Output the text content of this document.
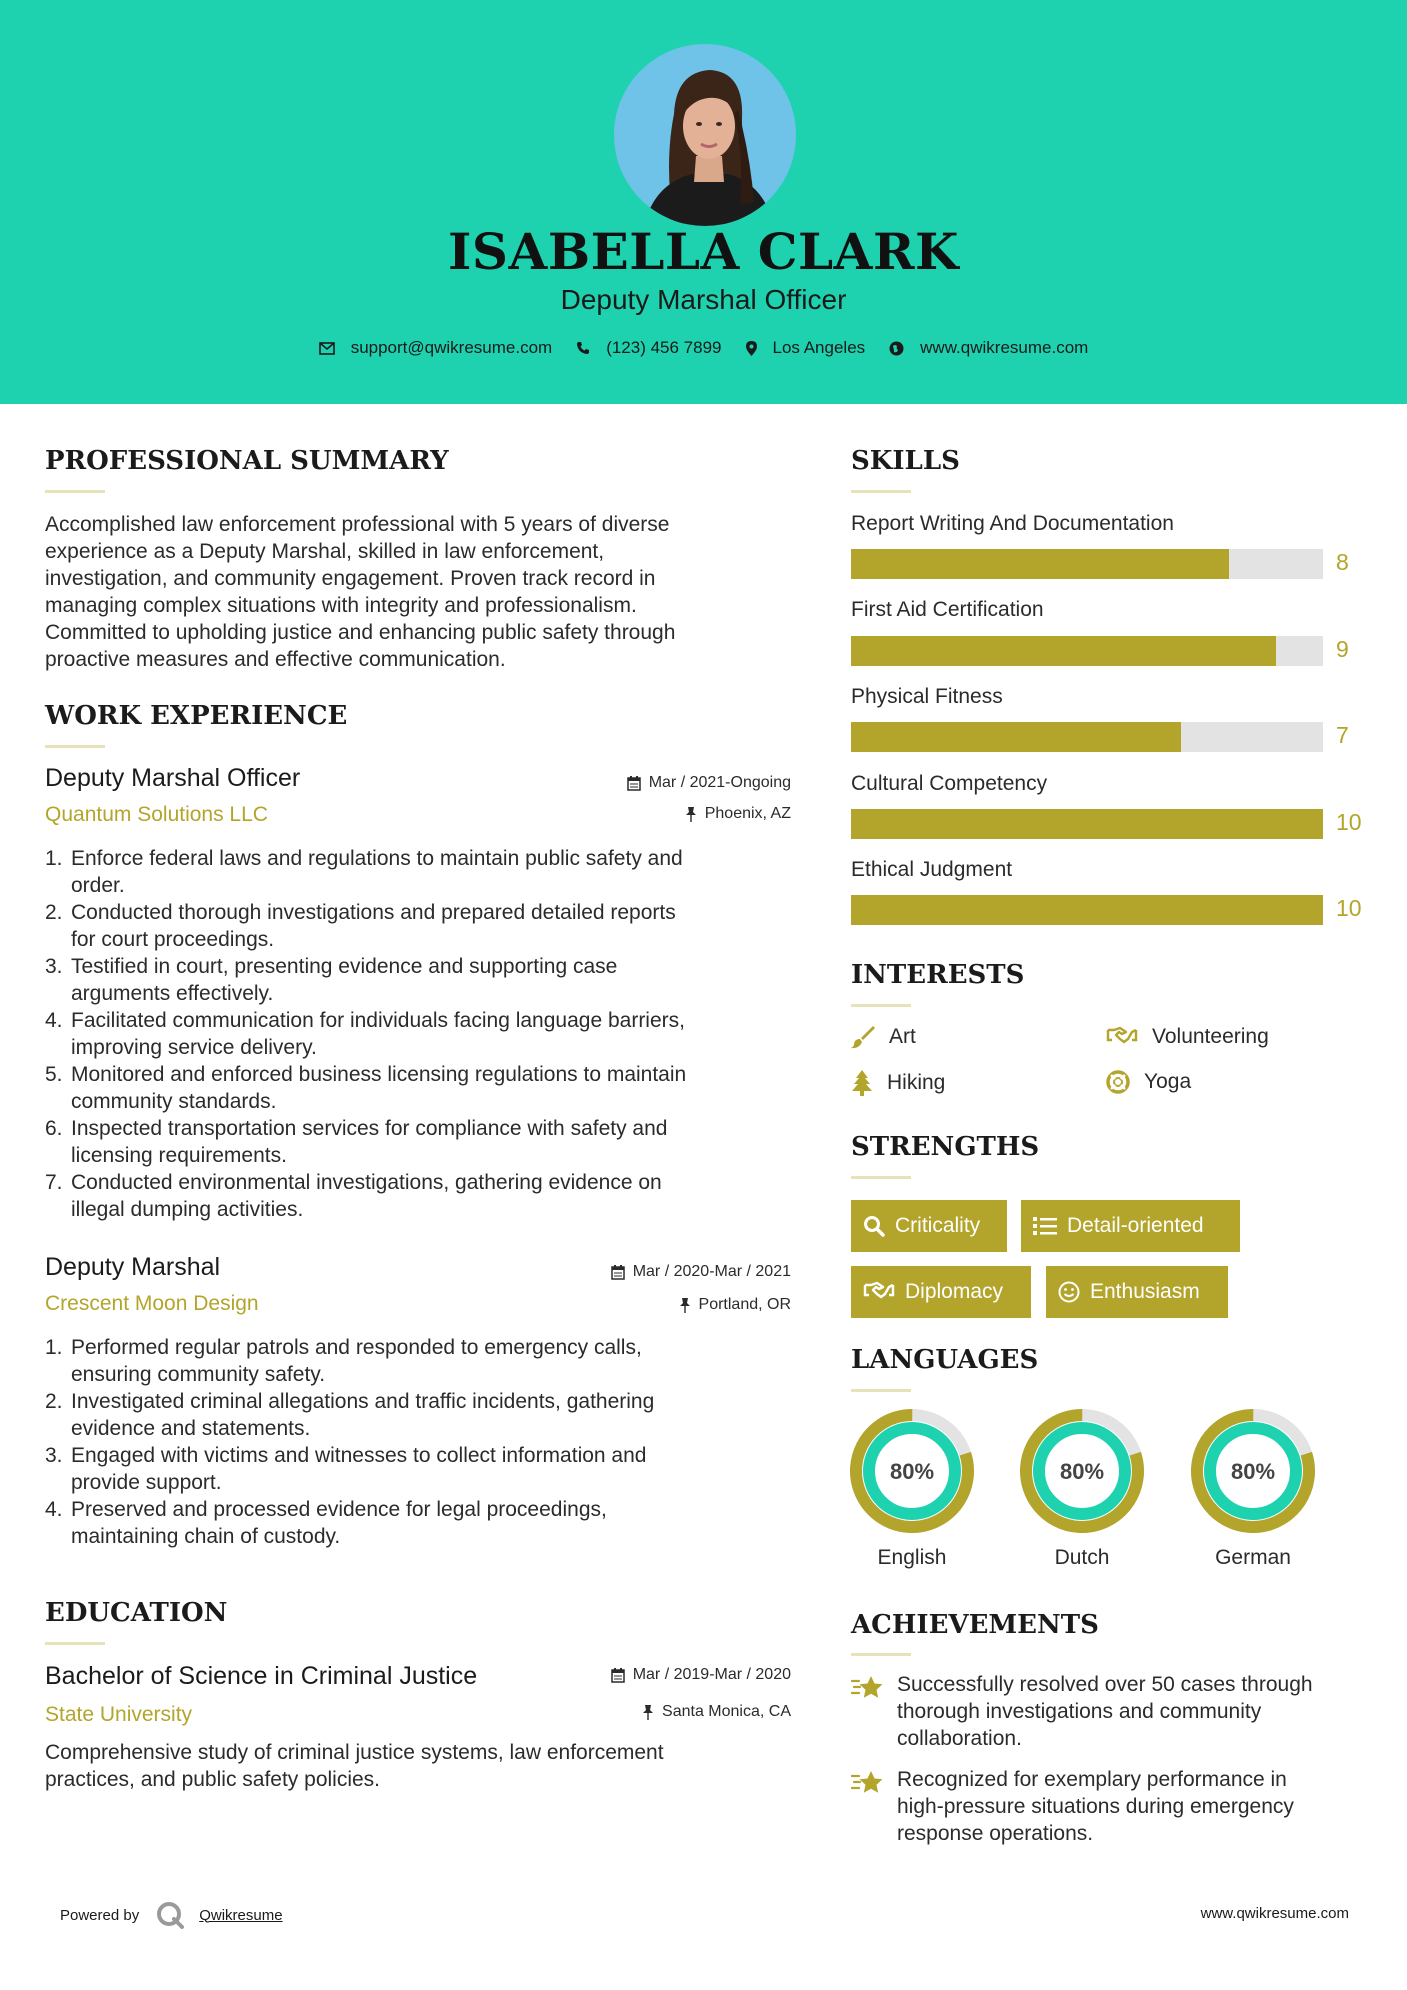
ISABELLA CLARK
Deputy Marshal Officer
support@qwikresume.com	(123) 456 7899	Los Angeles	www.qwikresume.com
PROFESSIONAL SUMMARY
Accomplished law enforcement professional with 5 years of diverse
experience as a Deputy Marshal, skilled in law enforcement,
investigation, and community engagement. Proven track record in
managing complex situations with integrity and professionalism.
Committed to upholding justice and enhancing public safety through
proactive measures and effective communication.
WORK EXPERIENCE
Deputy Marshal Officer
Quantum Solutions LLC
Mar / 2021-Ongoing
Phoenix, AZ
1. Enforce federal laws and regulations to maintain public safety and
order.
2. Conducted thorough investigations and prepared detailed reports
for court proceedings.
3. Testified in court, presenting evidence and supporting case
arguments effectively.
4. Facilitated communication for individuals facing language barriers,
improving service delivery.
5. Monitored and enforced business licensing regulations to maintain
community standards.
6. Inspected transportation services for compliance with safety and
licensing requirements.
7. Conducted environmental investigations, gathering evidence on
illegal dumping activities.
Deputy Marshal
Crescent Moon Design
Mar / 2020-Mar / 2021
Portland, OR
1. Performed regular patrols and responded to emergency calls,
ensuring community safety.
2. Investigated criminal allegations and traffic incidents, gathering
evidence and statements.
3. Engaged with victims and witnesses to collect information and
provide support.
4. Preserved and processed evidence for legal proceedings,
maintaining chain of custody.
EDUCATION
Bachelor of Science in Criminal Justice
State University
Mar / 2019-Mar / 2020
Santa Monica, CA
Comprehensive study of criminal justice systems, law enforcement
practices, and public safety policies.
SKILLS
Report Writing And Documentation
8
First Aid Certification
9
Physical Fitness
7
Cultural Competency
10
Ethical Judgment
10
INTERESTS
Art	Volunteering
Hiking	Yoga
STRENGTHS
Criticality	Detail-oriented
Diplomacy	Enthusiasm
LANGUAGES
80%
English
80%
Dutch
80%
German
ACHIEVEMENTS
Successfully resolved over 50 cases through
thorough investigations and community
collaboration.
Recognized for exemplary performance in
high-pressure situations during emergency
response operations.
Powered by	Qwikresume	www.qwikresume.com
